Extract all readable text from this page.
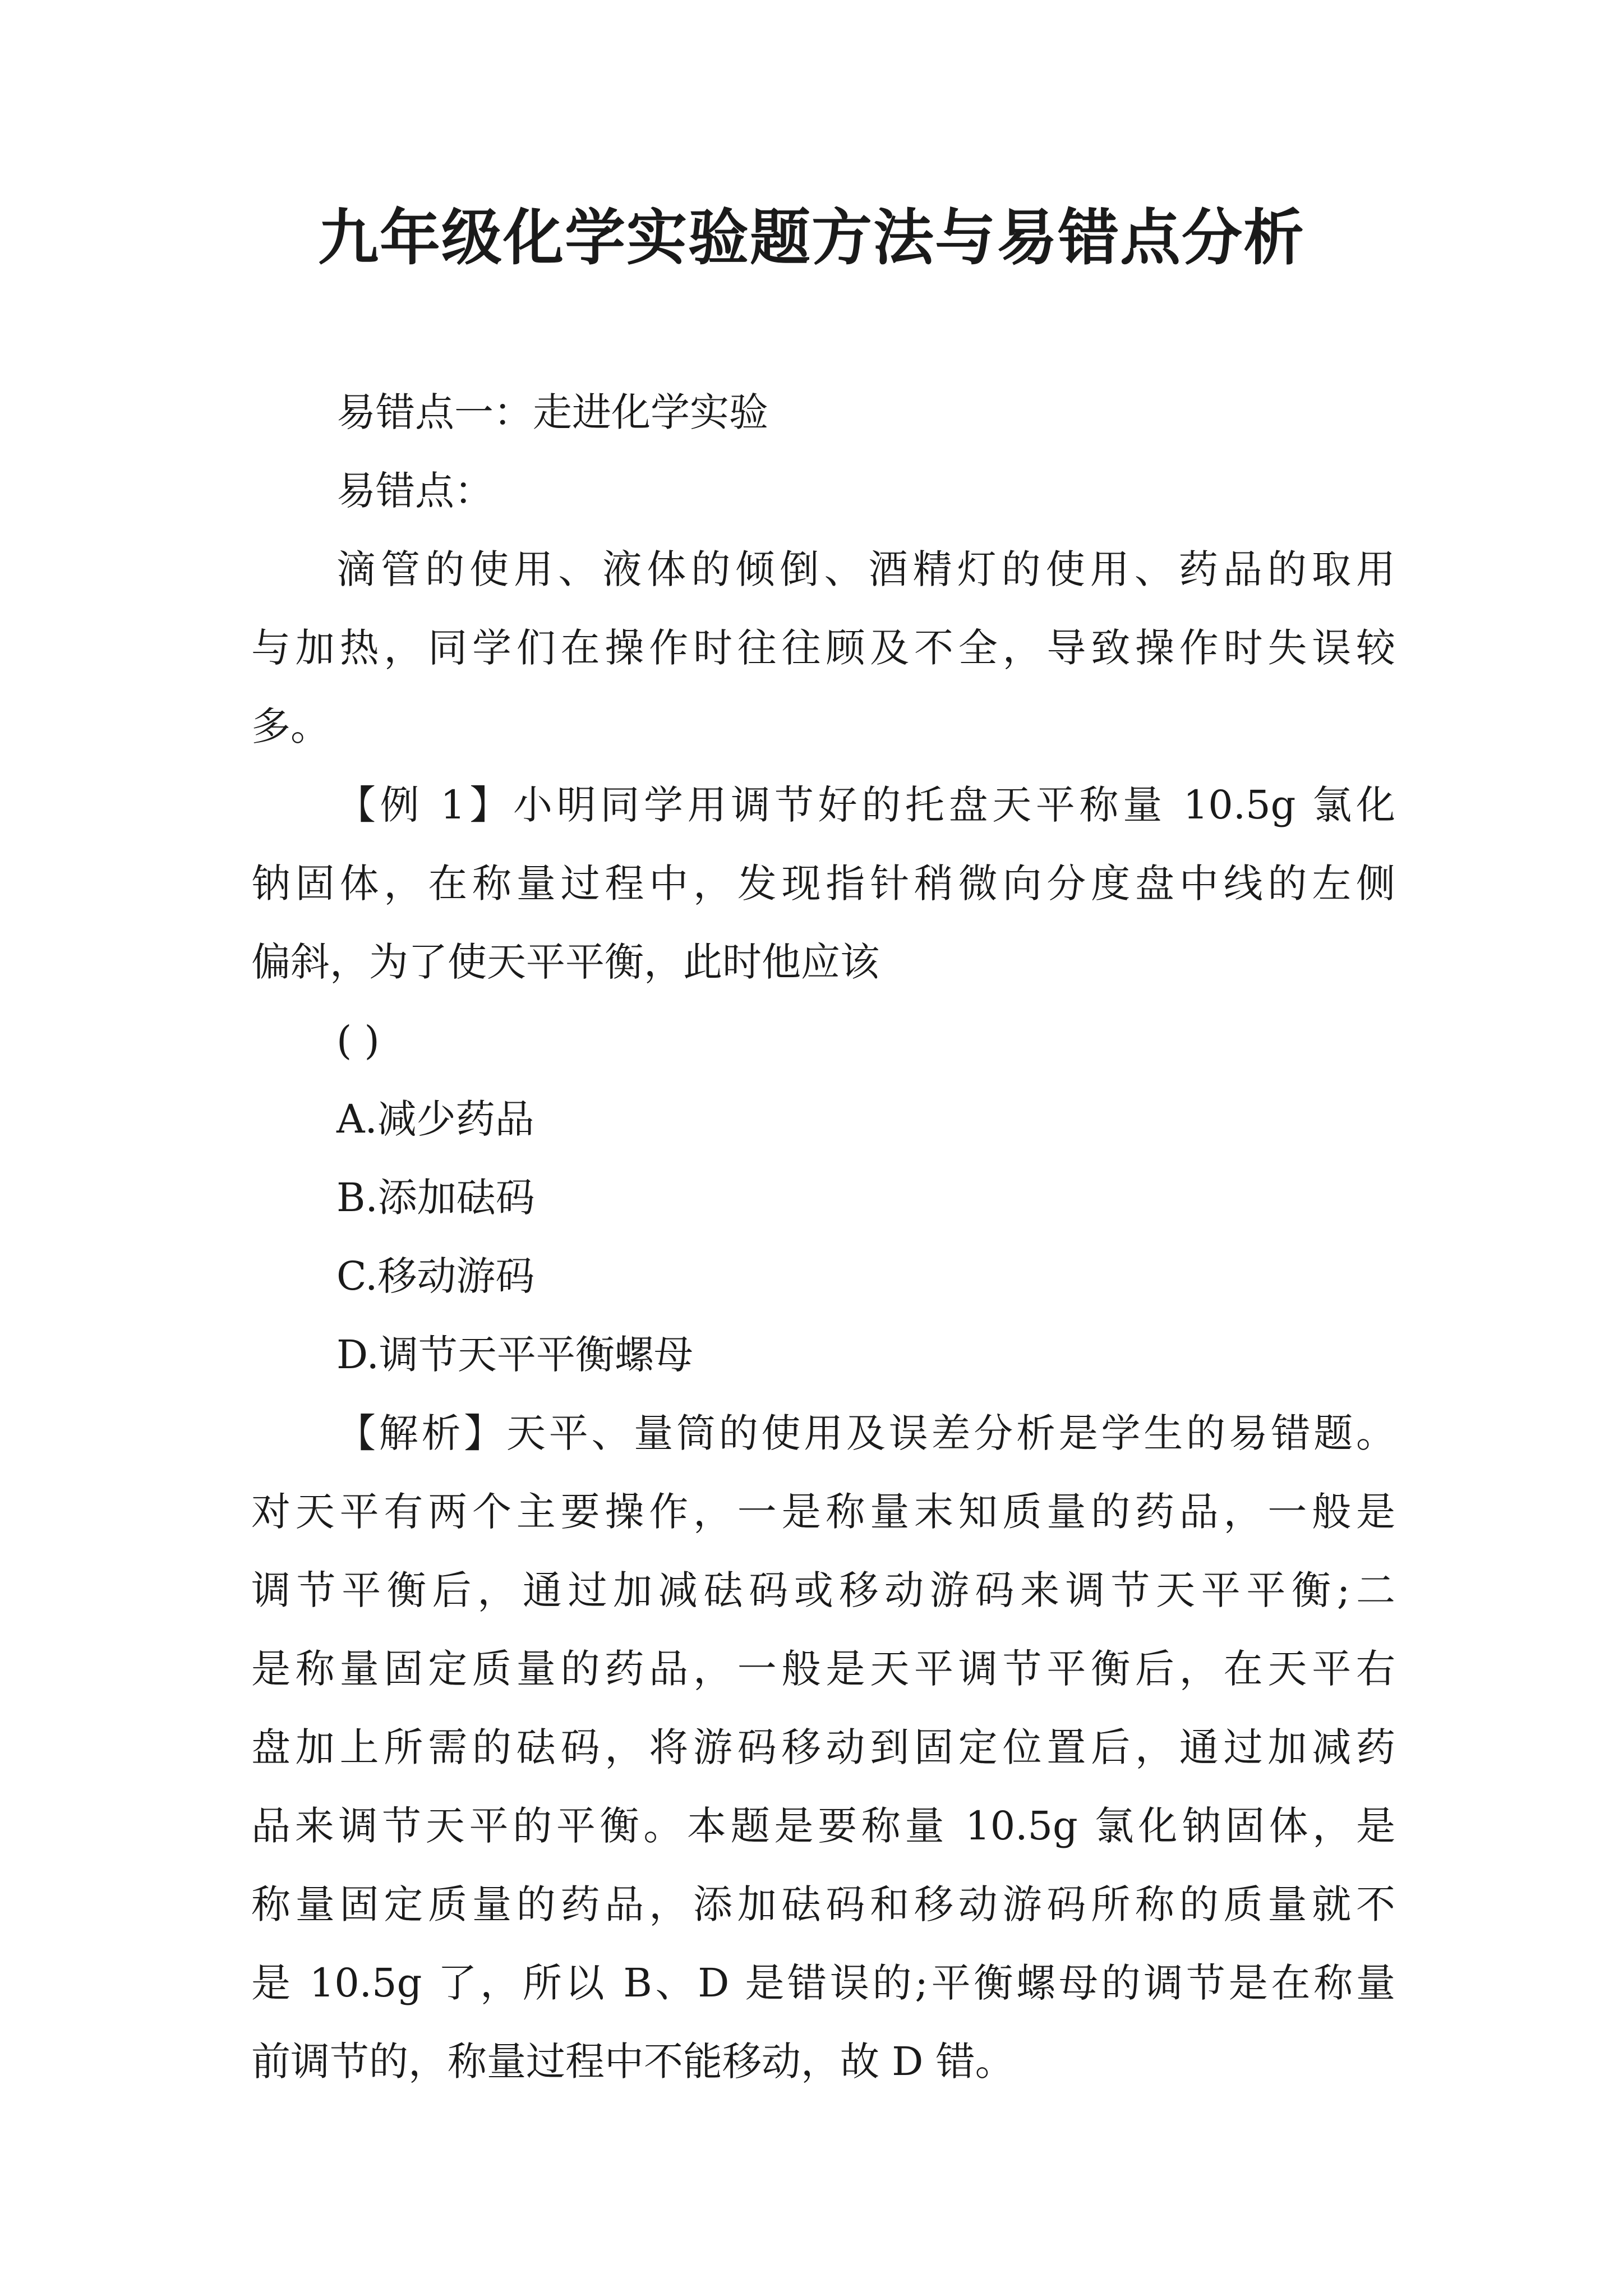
九年级化学实验题方法与易错点分析
易错点一：走进化学实验
易错点：
滴管的使用、液体的倾倒、酒精灯的使用、药品的取用
与加热，同学们在操作时往往顾及不全，导致操作时失误较
多。
【例 1】小明同学用调节好的托盘天平称量 10.5g 氯化
钠固体，在称量过程中，发现指针稍微向分度盘中线的左侧
偏斜，为了使天平平衡，此时他应该
( )
A.减少药品
B.添加砝码
C.移动游码
D.调节天平平衡螺母
【解析】天平、量筒的使用及误差分析是学生的易错题。
对天平有两个主要操作，一是称量末知质量的药品，一般是
调节平衡后，通过加减砝码或移动游码来调节天平平衡;二
是称量固定质量的药品，一般是天平调节平衡后，在天平右
盘加上所需的砝码，将游码移动到固定位置后，通过加减药
品来调节天平的平衡。本题是要称量 10.5g 氯化钠固体，是
称量固定质量的药品，添加砝码和移动游码所称的质量就不
是 10.5g 了，所以 B、D 是错误的;平衡螺母的调节是在称量
前调节的，称量过程中不能移动，故 D 错。
